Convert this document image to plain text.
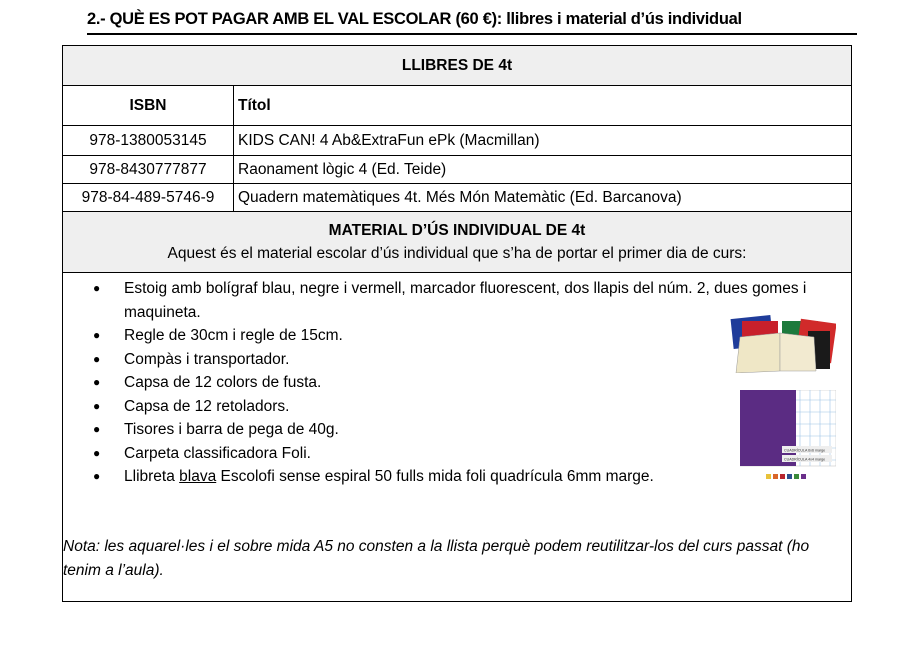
2.- QUÈ ES POT PAGAR AMB EL VAL ESCOLAR (60 €): llibres i material d’ús individual
LLIBRES DE 4t
ISBN	Títol
978-1380053145	KIDS CAN! 4 Ab&ExtraFun ePk (Macmillan)
978-8430777877	Raonament lògic 4 (Ed. Teide)
978-84-489-5746-9	Quadern matemàtiques 4t. Més Món Matemàtic (Ed. Barcanova)
MATERIAL D’ÚS INDIVIDUAL DE 4t
Aquest és el material escolar d’ús individual que s’ha de portar el primer dia de curs:
●	Estoig amb bolígraf blau, negre i vermell, marcador fluorescent, dos llapis del núm. 2, dues gomes i maquineta.
●	Regle de 30cm i regle de 15cm.
●	Compàs i transportador.
●	Capsa de 12 colors de fusta.
●	Capsa de 12 retoladors.
●	Tisores i barra de pega de 40g.
●	Carpeta classificadora Foli.
●	Llibreta blava Escolofi sense espiral 50 fulls mida foli quadrícula 6mm marge.
Nota: les aquarel·les i el sobre mida A5 no consten a la llista perquè podem reutilitzar-los del curs passat (ho tenim a l’aula).
CUADRÍCULA 6x6 marge
CUADRÍCULA 4x4 marge
